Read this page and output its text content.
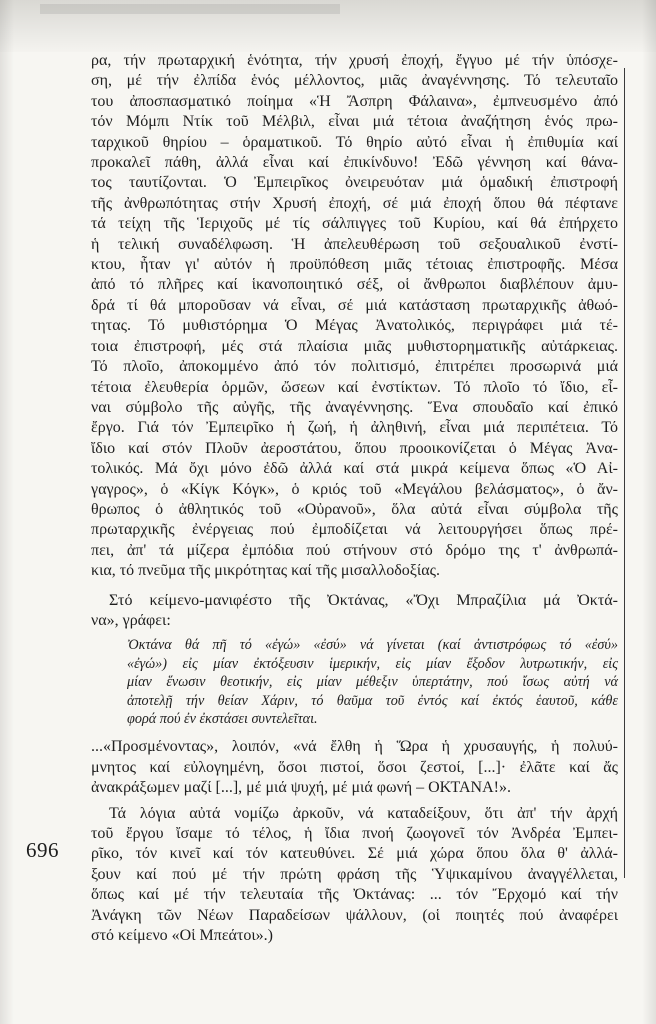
696
ρα, τήν πρωταρχική ἑνότητα, τήν χρυσή ἐποχή, ἔγγυο μέ τήν ὑπόσχε-
ση, μέ τήν ἐλπίδα ἑνός μέλλοντος, μιᾶς ἀναγέννησης. Τό τελευταῖο
του ἀποσπασματικό ποίημα «Ἡ Ἄσπρη Φάλαινα», ἐμπνευσμένο ἀπό
τόν Μόμπι Ντίκ τοῦ Μέλβιλ, εἶναι μιά τέτοια ἀναζήτηση ἑνός πρω-
ταρχικοῦ θηρίου – ὁραματικοῦ. Τό θηρίο αὐτό εἶναι ἡ ἐπιθυμία καί
προκαλεῖ πάθη, ἀλλά εἶναι καί ἐπικίνδυνο! Ἐδῶ γέννηση καί θάνα-
τος ταυτίζονται. Ὁ Ἐμπειρῖκος ὀνειρευόταν μιά ὁμαδική ἐπιστροφή
τῆς ἀνθρωπότητας στήν Χρυσή ἐποχή, σέ μιά ἐποχή ὅπου θά πέφτανε
τά τείχη τῆς Ἱεριχοῦς μέ τίς σάλπιγγες τοῦ Κυρίου, καί θά ἐπήρχετο
ἡ τελική συναδέλφωση. Ἡ ἀπελευθέρωση τοῦ σεξουαλικοῦ ἐνστί-
κτου, ἦταν γι' αὐτόν ἡ προϋπόθεση μιᾶς τέτοιας ἐπιστροφῆς. Μέσα
ἀπό τό πλῆρες καί ἱκανοποιητικό σέξ, οἱ ἄνθρωποι διαβλέπουν ἀμυ-
δρά τί θά μποροῦσαν νά εἶναι, σέ μιά κατάσταση πρωταρχικῆς ἀθωό-
τητας. Τό μυθιστόρημα Ὁ Μέγας Ἀνατολικός, περιγράφει μιά τέ-
τοια ἐπιστροφή, μές στά πλαίσια μιᾶς μυθιστορηματικῆς αὐτάρκειας.
Τό πλοῖο, ἀποκομμένο ἀπό τόν πολιτισμό, ἐπιτρέπει προσωρινά μιά
τέτοια ἐλευθερία ὁρμῶν, ὤσεων καί ἐνστίκτων. Τό πλοῖο τό ἴδιο, εἶ-
ναι σύμβολο τῆς αὐγῆς, τῆς ἀναγέννησης. Ἕνα σπουδαῖο καί ἐπικό
ἔργο. Γιά τόν Ἐμπειρῖκο ἡ ζωή, ἡ ἀληθινή, εἶναι μιά περιπέτεια. Τό
ἴδιο καί στόν Πλοῦν ἀεροστάτου, ὅπου προοικονίζεται ὁ Μέγας Ἀνα-
τολικός. Μά ὄχι μόνο ἐδῶ ἀλλά καί στά μικρά κείμενα ὅπως «Ὁ Αἰ-
γαγρος», ὁ «Κίγκ Κόγκ», ὁ κριός τοῦ «Μεγάλου βελάσματος», ὁ ἄν-
θρωπος ὁ ἀθλητικός τοῦ «Οὐρανοῦ», ὅλα αὐτά εἶναι σύμβολα τῆς
πρωταρχικῆς ἐνέργειας πού ἐμποδίζεται νά λειτουργήσει ὅπως πρέ-
πει, ἀπ' τά μίζερα ἐμπόδια πού στήνουν στό δρόμο της τ' ἀνθρωπά-
κια, τό πνεῦμα τῆς μικρότητας καί τῆς μισαλλοδοξίας.
Στό κείμενο-μανιφέστο τῆς Ὀκτάνας, «Ὄχι Μπραζίλια μά Ὀκτά-
να», γράφει:
Ὀκτάνα θά πῆ τό «ἐγώ» «ἐσύ» νά γίνεται (καί ἀντιστρόφως τό «ἐσύ»
«ἐγώ») εἰς μίαν ἐκτόξευσιν ἱμερικήν, εἰς μίαν ἔξοδον λυτρωτικήν, εἰς
μίαν ἕνωσιν θεοτικήν, εἰς μίαν μέθεξιν ὑπερτάτην, πού ἴσως αὐτή νά
ἀποτελῇ τήν θείαν Χάριν, τό θαῦμα τοῦ ἐντός καί ἐκτός ἑαυτοῦ, κάθε
φορά πού ἐν ἐκστάσει συντελεῖται.
...«Προσμένοντας», λοιπόν, «νά ἔλθη ἡ Ὥρα ἡ χρυσαυγής, ἡ πολυύ-
μνητος καί εὐλογημένη, ὅσοι πιστοί, ὅσοι ζεστοί, [...]· ἐλᾶτε καί ἄς
ἀνακράξωμεν μαζί [...], μέ μιά ψυχή, μέ μιά φωνή – ΟΚΤΑΝΑ!».
Τά λόγια αὐτά νομίζω ἀρκοῦν, νά καταδείξουν, ὅτι ἀπ' τήν ἀρχή
τοῦ ἔργου ἴσαμε τό τέλος, ἡ ἴδια πνοή ζωογονεῖ τόν Ἀνδρέα Ἐμπει-
ρῖκο, τόν κινεῖ καί τόν κατευθύνει. Σέ μιά χώρα ὅπου ὅλα θ' ἀλλά-
ξουν καί πού μέ τήν πρώτη φράση τῆς Ὑψικαμίνου ἀναγγέλλεται,
ὅπως καί μέ τήν τελευταία τῆς Ὀκτάνας: ... τόν Ἔρχομό καί τήν
Ἀνάγκη τῶν Νέων Παραδείσων ψάλλουν, (οἱ ποιητές πού ἀναφέρει
στό κείμενο «Οἱ Μπεάτοι».)
